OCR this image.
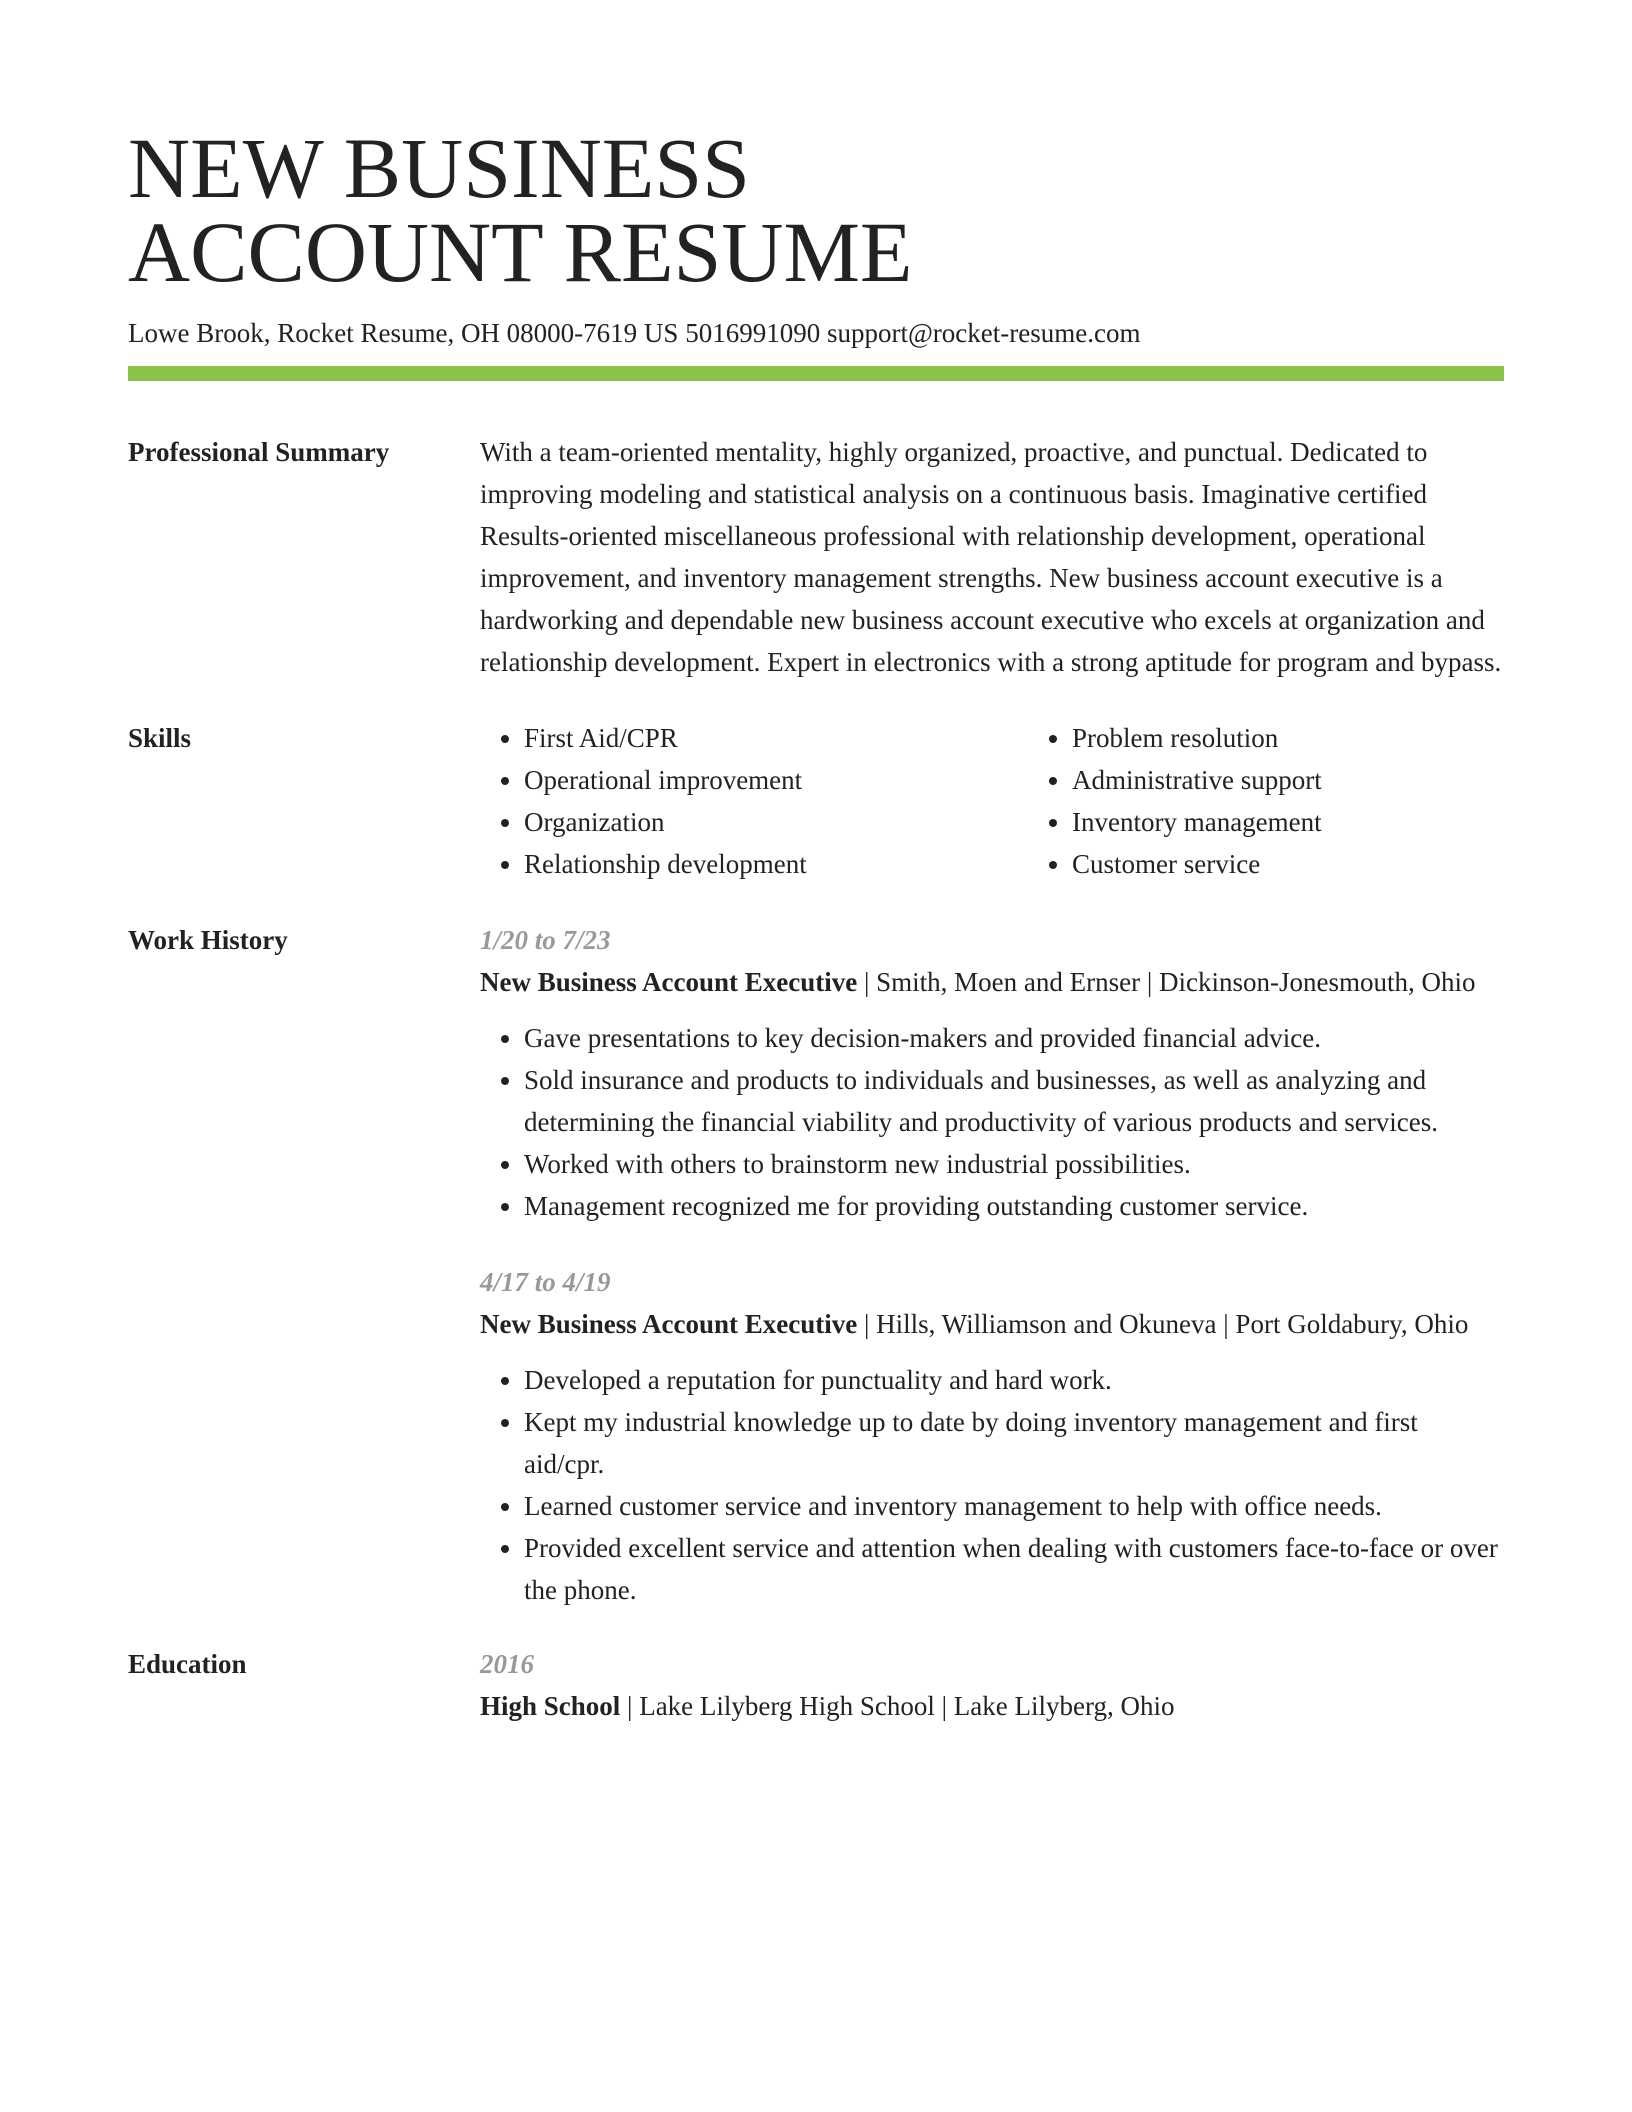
NEW BUSINESS
ACCOUNT RESUME
Lowe Brook, Rocket Resume, OH 08000-7619 US 5016991090 support@rocket-resume.com
Professional Summary	With a team-oriented mentality, highly organized, proactive, and punctual. Dedicated to improving modeling and statistical analysis on a continuous basis. Imaginative certified Results-oriented miscellaneous professional with relationship development, operational improvement, and inventory management strengths. New business account executive is a hardworking and dependable new business account executive who excels at organization and relationship development. Expert in electronics with a strong aptitude for program and bypass.
Skills
•	First Aid/CPR
• Operational improvement
• Organization
• Relationship development
• Problem resolution
• Administrative support
• Inventory management
• Customer service
Work History	1/20 to 7/23
New Business Account Executive | Smith, Moen and Ernser | Dickinson-Jonesmouth, Ohio
• Gave presentations to key decision-makers and provided financial advice.
• Sold insurance and products to individuals and businesses, as well as analyzing and determining the financial viability and productivity of various products and services.
• Worked with others to brainstorm new industrial possibilities.
• Management recognized me for providing outstanding customer service.
4/17 to 4/19
New Business Account Executive | Hills, Williamson and Okuneva | Port Goldabury, Ohio
• Developed a reputation for punctuality and hard work.
• Kept my industrial knowledge up to date by doing inventory management and first aid/cpr.
• Learned customer service and inventory management to help with office needs.
• Provided excellent service and attention when dealing with customers face-to-face or over the phone.
Education	2016
High School | Lake Lilyberg High School | Lake Lilyberg, Ohio
